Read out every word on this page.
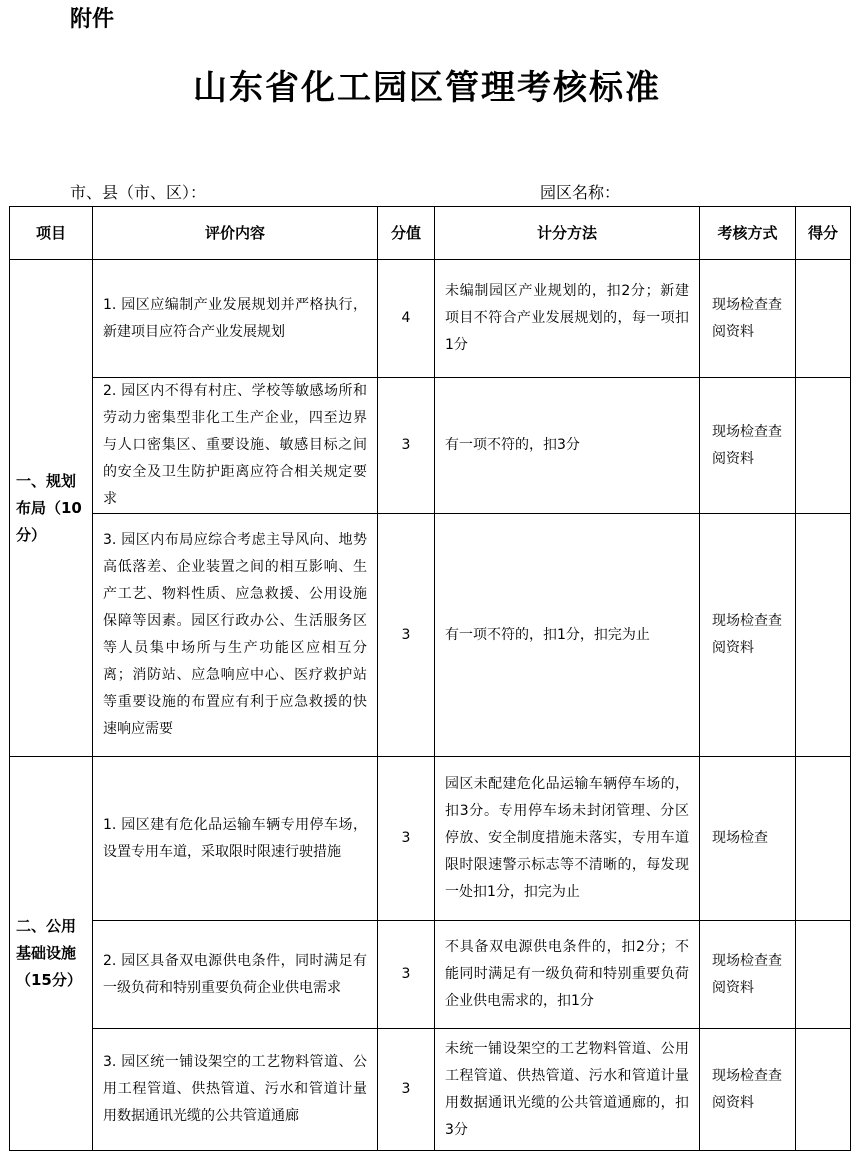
附件
山东省化工园区管理考核标准
市、县（市、区）：	园区名称：
项目	评价内容	分值	计分方法	考核方式	得分
一、规划布局（10分）	1. 园区应编制产业发展规划并严格执行，新建项目应符合产业发展规划	4	未编制园区产业规划的，扣2分；新建项目不符合产业发展规划的，每一项扣1分	现场检查查阅资料	
	2. 园区内不得有村庄、学校等敏感场所和劳动力密集型非化工生产企业，四至边界与人口密集区、重要设施、敏感目标之间的安全及卫生防护距离应符合相关规定要求	3	有一项不符的，扣3分	现场检查查阅资料	
	3. 园区内布局应综合考虑主导风向、地势高低落差、企业装置之间的相互影响、生产工艺、物料性质、应急救援、公用设施保障等因素。园区行政办公、生活服务区等人员集中场所与生产功能区应相互分离；消防站、应急响应中心、医疗救护站等重要设施的布置应有利于应急救援的快速响应需要	3	有一项不符的，扣1分，扣完为止	现场检查查阅资料	
二、公用基础设施（15分）	1. 园区建有危化品运输车辆专用停车场，设置专用车道，采取限时限速行驶措施	3	园区未配建危化品运输车辆停车场的，扣3分。专用停车场未封闭管理、分区停放、安全制度措施未落实，专用车道限时限速警示标志等不清晰的，每发现一处扣1分，扣完为止	现场检查	
	2. 园区具备双电源供电条件，同时满足有一级负荷和特别重要负荷企业供电需求	3	不具备双电源供电条件的，扣2分；不能同时满足有一级负荷和特别重要负荷企业供电需求的，扣1分	现场检查查阅资料	
	3. 园区统一铺设架空的工艺物料管道、公用工程管道、供热管道、污水和管道计量用数据通讯光缆的公共管道通廊	3	未统一铺设架空的工艺物料管道、公用工程管道、供热管道、污水和管道计量用数据通讯光缆的公共管道通廊的，扣3分	现场检查查阅资料	
